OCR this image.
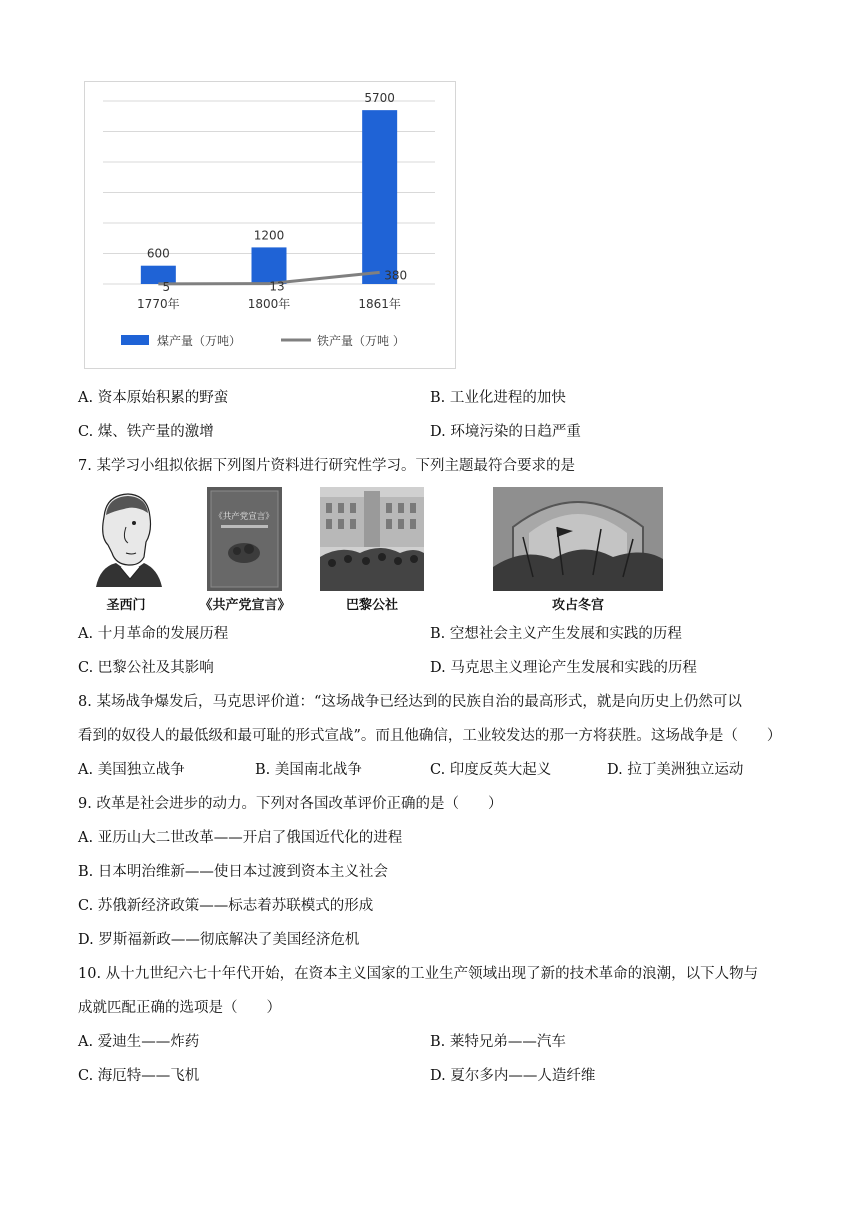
600
1200
5700
5	13
380
1770年	1800年	1861年
煤产量（万吨）	铁产量（万吨 ）
A. 资本原始积累的野蛮	B. 工业化进程的加快
C. 煤、铁产量的激增	D. 环境污染的日趋严重
7. 某学习小组拟依据下列图片资料进行研究性学习。下列主题最符合要求的是
《共产党宣言》
圣西门	《共产党宣言》	巴黎公社	攻占冬宫
A. 十月革命的发展历程	B. 空想社会主义产生发展和实践的历程
C. 巴黎公社及其影响	D. 马克思主义理论产生发展和实践的历程
8. 某场战争爆发后，马克思评价道：“这场战争已经达到的民族自治的最高形式，就是向历史上仍然可以
看到的奴役人的最低级和最可耻的形式宣战”。而且他确信，工业较发达的那一方将获胜。这场战争是（　　）
A. 美国独立战争	B. 美国南北战争	C. 印度反英大起义	D. 拉丁美洲独立运动
9. 改革是社会进步的动力。下列对各国改革评价正确的是（　　）
A. 亚历山大二世改革——开启了俄国近代化的进程
B. 日本明治维新——使日本过渡到资本主义社会
C. 苏俄新经济政策——标志着苏联模式的形成
D. 罗斯福新政——彻底解决了美国经济危机
10. 从十九世纪六七十年代开始，在资本主义国家的工业生产领域出现了新的技术革命的浪潮，以下人物与
成就匹配正确的选项是（　　）
A. 爱迪生——炸药	B. 莱特兄弟——汽车
C. 海厄特——飞机	D. 夏尔多内——人造纤维
